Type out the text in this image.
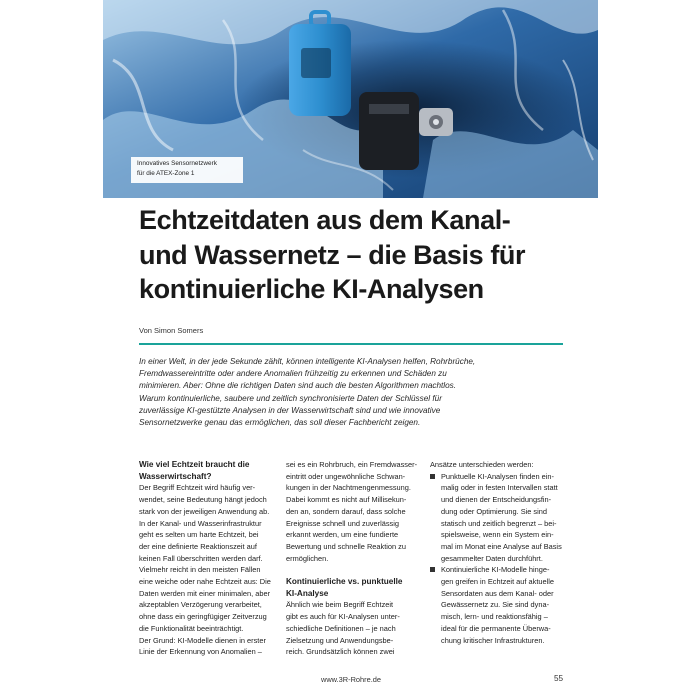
Innovatives Sensornetzwerk
für die ATEX-Zone 1
Echtzeitdaten aus dem Kanal-
und Wassernetz – die Basis für
kontinuierliche KI-Analysen
Von Simon Somers
In einer Welt, in der jede Sekunde zählt, können intelligente KI-Analysen helfen, Rohrbrüche,
Fremdwassereintritte oder andere Anomalien frühzeitig zu erkennen und Schäden zu
minimieren. Aber: Ohne die richtigen Daten sind auch die besten Algorithmen machtlos.
Warum kontinuierliche, saubere und zeitlich synchronisierte Daten der Schlüssel für
zuverlässige KI-gestützte Analysen in der Wasserwirtschaft sind und wie innovative
Sensornetzwerke genau das ermöglichen, das soll dieser Fachbericht zeigen.
Wie viel Echtzeit braucht die
Wasserwirtschaft?
Der Begriff Echtzeit wird häufig ver-
wendet, seine Bedeutung hängt jedoch
stark von der jeweiligen Anwendung ab.
In der Kanal- und Wasserinfrastruktur
geht es selten um harte Echtzeit, bei
der eine definierte Reaktionszeit auf
keinen Fall überschritten werden darf.
Vielmehr reicht in den meisten Fällen
eine weiche oder nahe Echtzeit aus: Die
Daten werden mit einer minimalen, aber
akzeptablen Verzögerung verarbeitet,
ohne dass ein geringfügiger Zeitverzug
die Funktionalität beeinträchtigt.
Der Grund: KI-Modelle dienen in erster
Linie der Erkennung von Anomalien –
sei es ein Rohrbruch, ein Fremdwasser-
eintritt oder ungewöhnliche Schwan-
kungen in der Nachtmengenmessung.
Dabei kommt es nicht auf Millisekun-
den an, sondern darauf, dass solche
Ereignisse schnell und zuverlässig
erkannt werden, um eine fundierte
Bewertung und schnelle Reaktion zu
ermöglichen.
Kontinuierliche vs. punktuelle
KI-Analyse
Ähnlich wie beim Begriff Echtzeit
gibt es auch für KI-Analysen unter-
schiedliche Definitionen – je nach
Zielsetzung und Anwendungsbe-
reich. Grundsätzlich können zwei
Ansätze unterschieden werden:
Punktuelle KI-Analysen finden ein-
malig oder in festen Intervallen statt
und dienen der Entscheidungsfin-
dung oder Optimierung. Sie sind
statisch und zeitlich begrenzt – bei-
spielsweise, wenn ein System ein-
mal im Monat eine Analyse auf Basis
gesammelter Daten durchführt.
Kontinuierliche KI-Modelle hinge-
gen greifen in Echtzeit auf aktuelle
Sensordaten aus dem Kanal- oder
Gewässernetz zu. Sie sind dyna-
misch, lern- und reaktionsfähig –
ideal für die permanente Überwa-
chung kritischer Infrastrukturen.
www.3R-Rohre.de	55
